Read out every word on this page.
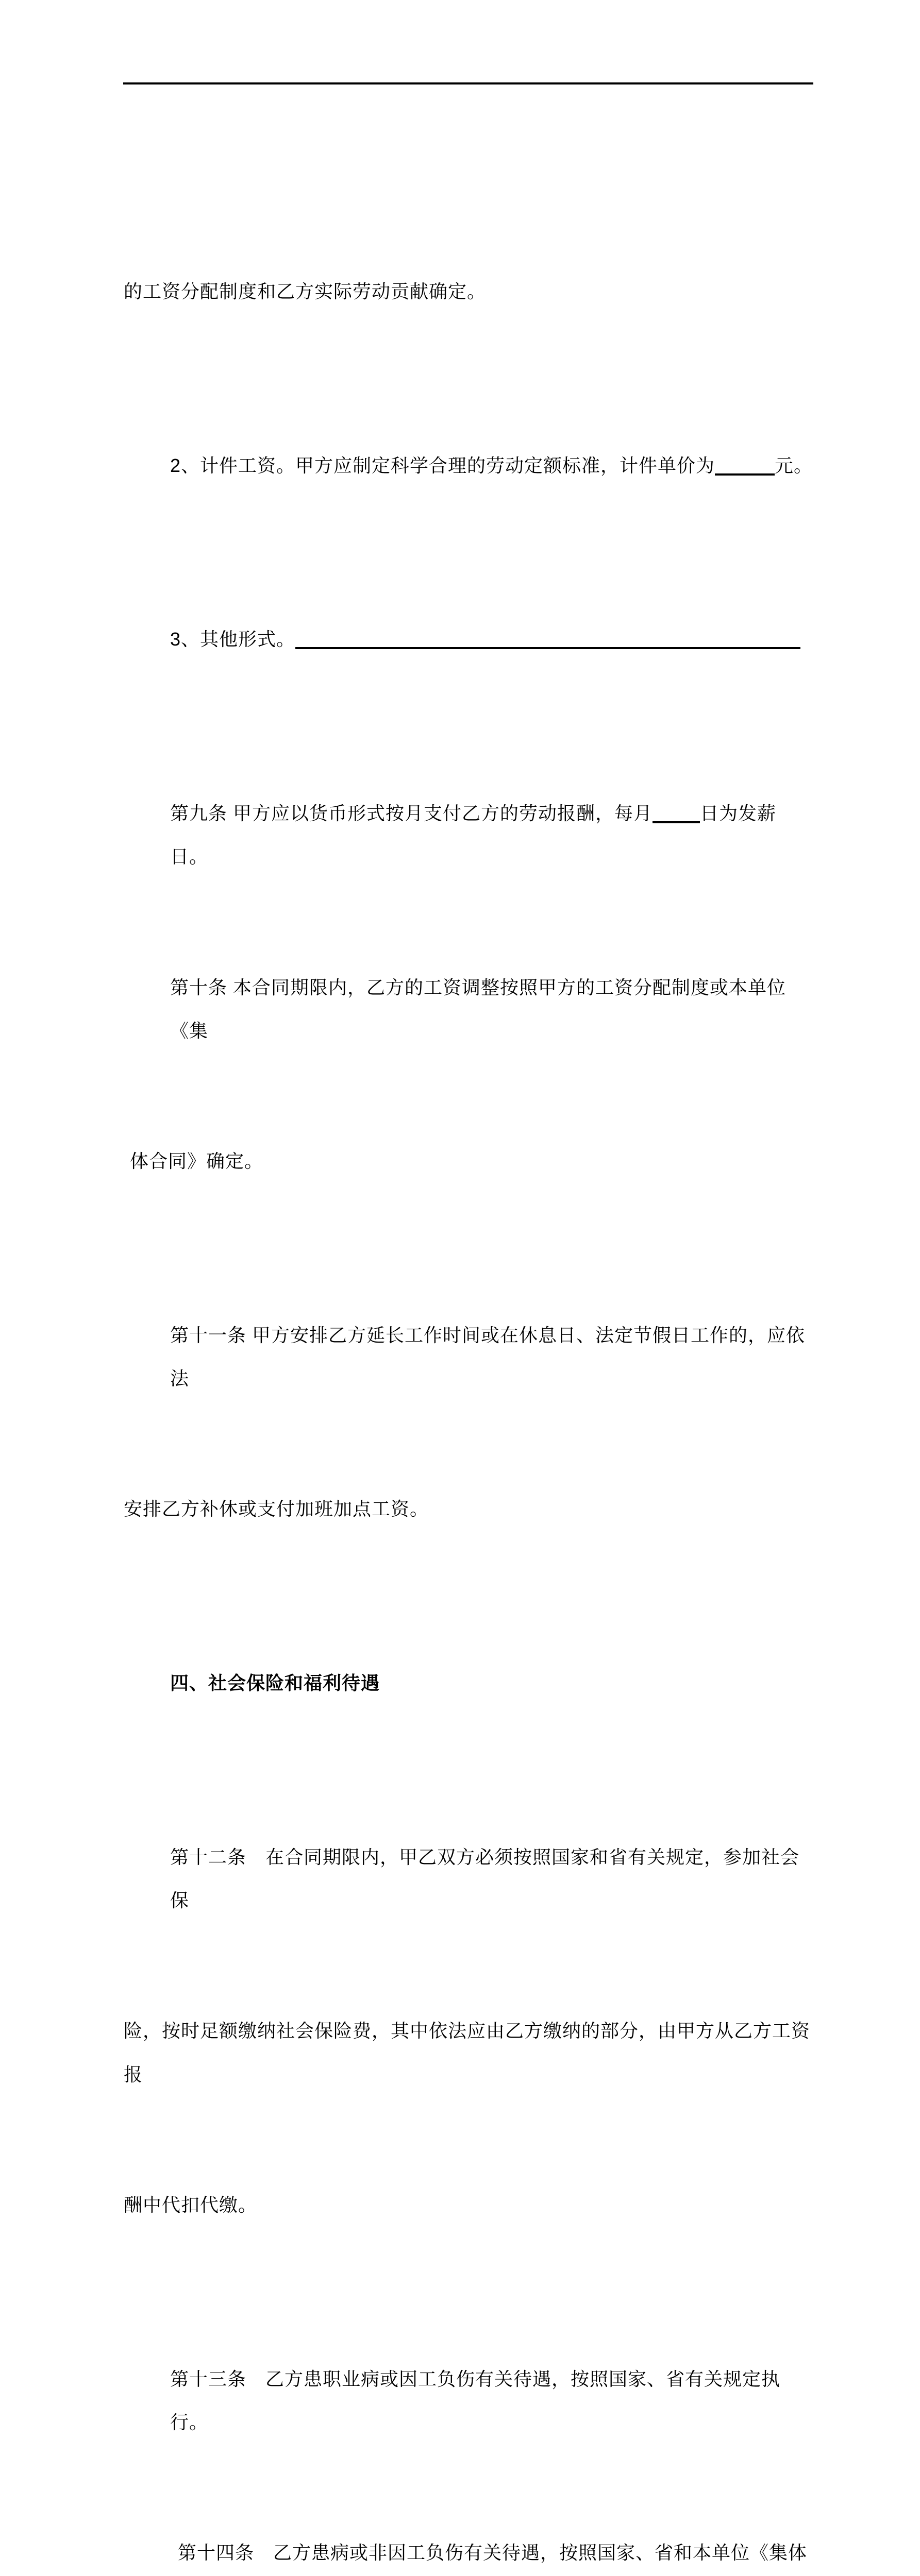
的工资分配制度和乙方实际劳动贡献确定。

2、计件工资。甲方应制定科学合理的劳动定额标准，计件单价为	元。

3、其他形式。

第九条 甲方应以货币形式按月支付乙方的劳动报酬，每月	日为发薪日。

第十条 本合同期限内，乙方的工资调整按照甲方的工资分配制度或本单位《集

体合同》确定。

第十一条 甲方安排乙方延长工作时间或在休息日、法定节假日工作的，应依法

安排乙方补休或支付加班加点工资。

四、社会保险和福利待遇

第十二条　在合同期限内，甲乙双方必须按照国家和省有关规定，参加社会保

险，按时足额缴纳社会保险费，其中依法应由乙方缴纳的部分，由甲方从乙方工资报

酬中代扣代缴。

第十三条　乙方患职业病或因工负伤有关待遇，按照国家、省有关规定执行。

第十四条　乙方患病或非因工负伤有关待遇，按照国家、省和本单位《集体
